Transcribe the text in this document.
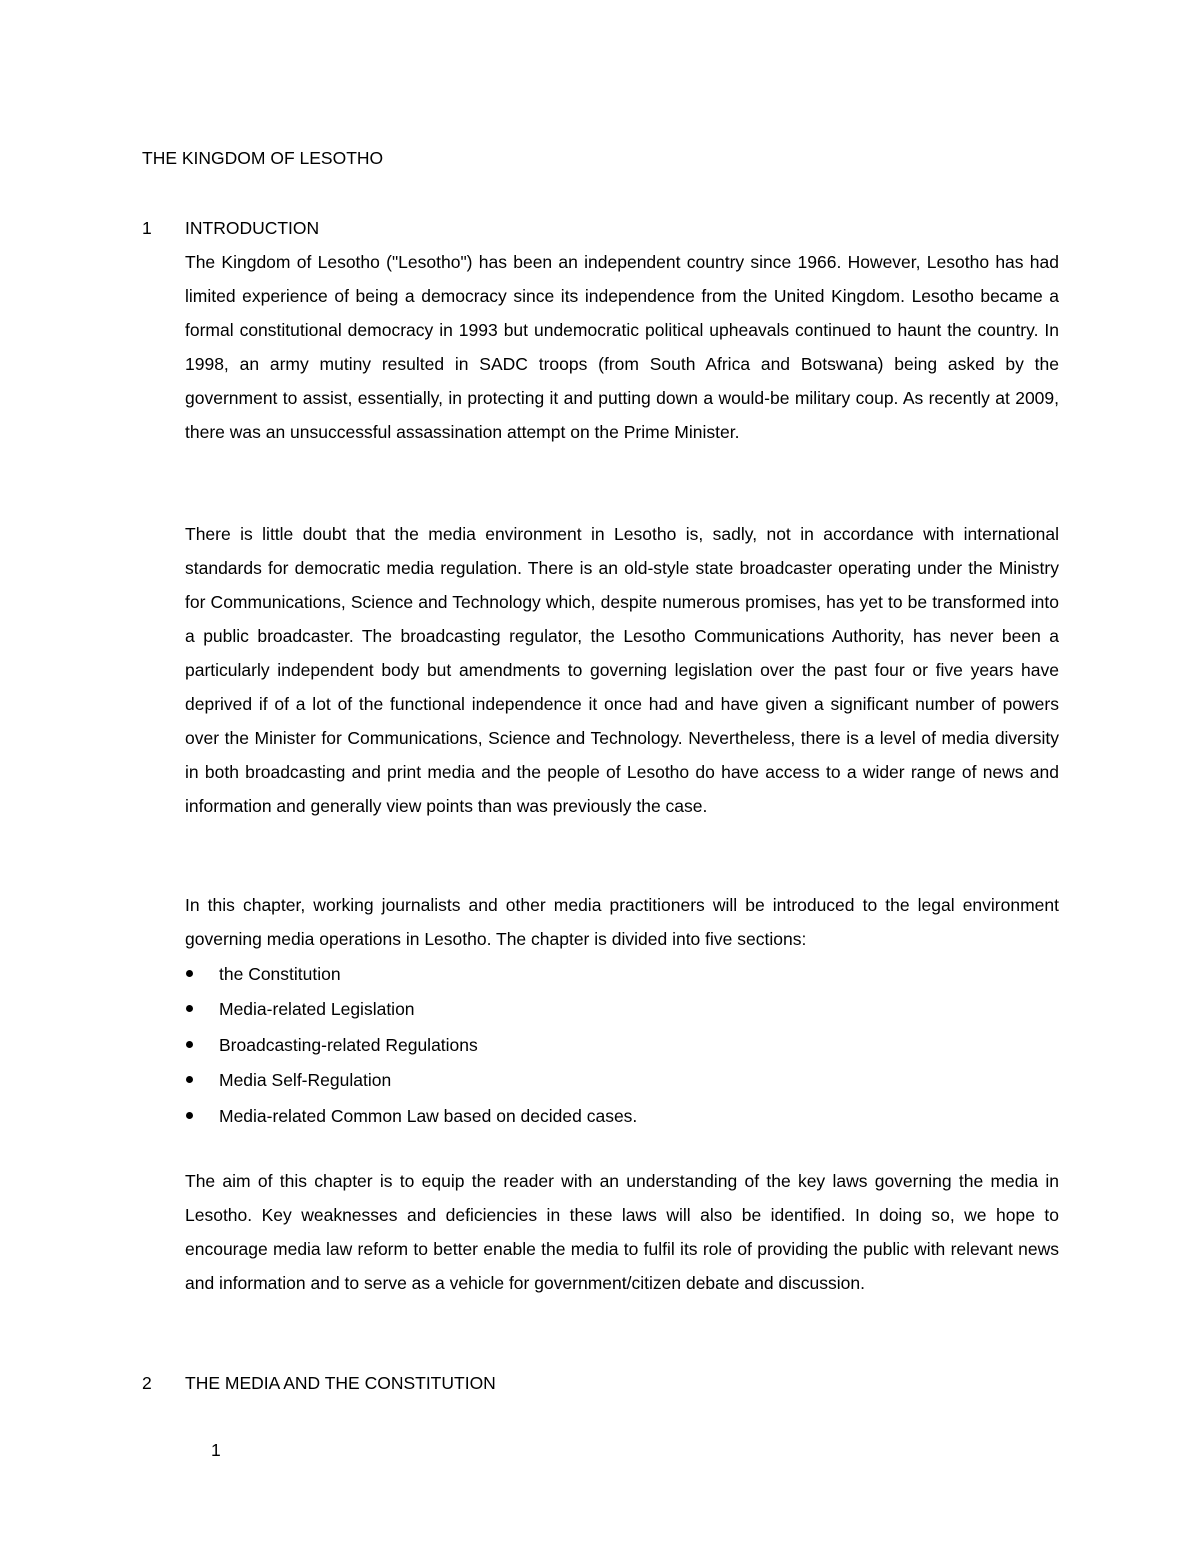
THE KINGDOM OF LESOTHO
1 INTRODUCTION

The Kingdom of Lesotho ("Lesotho") has been an independent country since 1966. However, Lesotho has had limited experience of being a democracy since its independence from the United Kingdom. Lesotho became a formal constitutional democracy in 1993 but undemocratic political upheavals continued to haunt the country. In 1998, an army mutiny resulted in SADC troops (from South Africa and Botswana) being asked by the government to assist, essentially, in protecting it and putting down a would-be military coup. As recently at 2009, there was an unsuccessful assassination attempt on the Prime Minister.

There is little doubt that the media environment in Lesotho is, sadly, not in accordance with international standards for democratic media regulation. There is an old-style state broadcaster operating under the Ministry for Communications, Science and Technology which, despite numerous promises, has yet to be transformed into a public broadcaster. The broadcasting regulator, the Lesotho Communications Authority, has never been a particularly independent body but amendments to governing legislation over the past four or five years have deprived if of a lot of the functional independence it once had and have given a significant number of powers over the Minister for Communications, Science and Technology. Nevertheless, there is a level of media diversity in both broadcasting and print media and the people of Lesotho do have access to a wider range of news and information and generally view points than was previously the case.

In this chapter, working journalists and other media practitioners will be introduced to the legal environment governing media operations in Lesotho. The chapter is divided into five sections:

the Constitution
Media-related Legislation
Broadcasting-related Regulations
Media Self-Regulation
Media-related Common Law based on decided cases.

The aim of this chapter is to equip the reader with an understanding of the key laws governing the media in Lesotho. Key weaknesses and deficiencies in these laws will also be identified. In doing so, we hope to encourage media law reform to better enable the media to fulfil its role of providing the public with relevant news and information and to serve as a vehicle for government/citizen debate and discussion.

2 THE MEDIA AND THE CONSTITUTION
1
